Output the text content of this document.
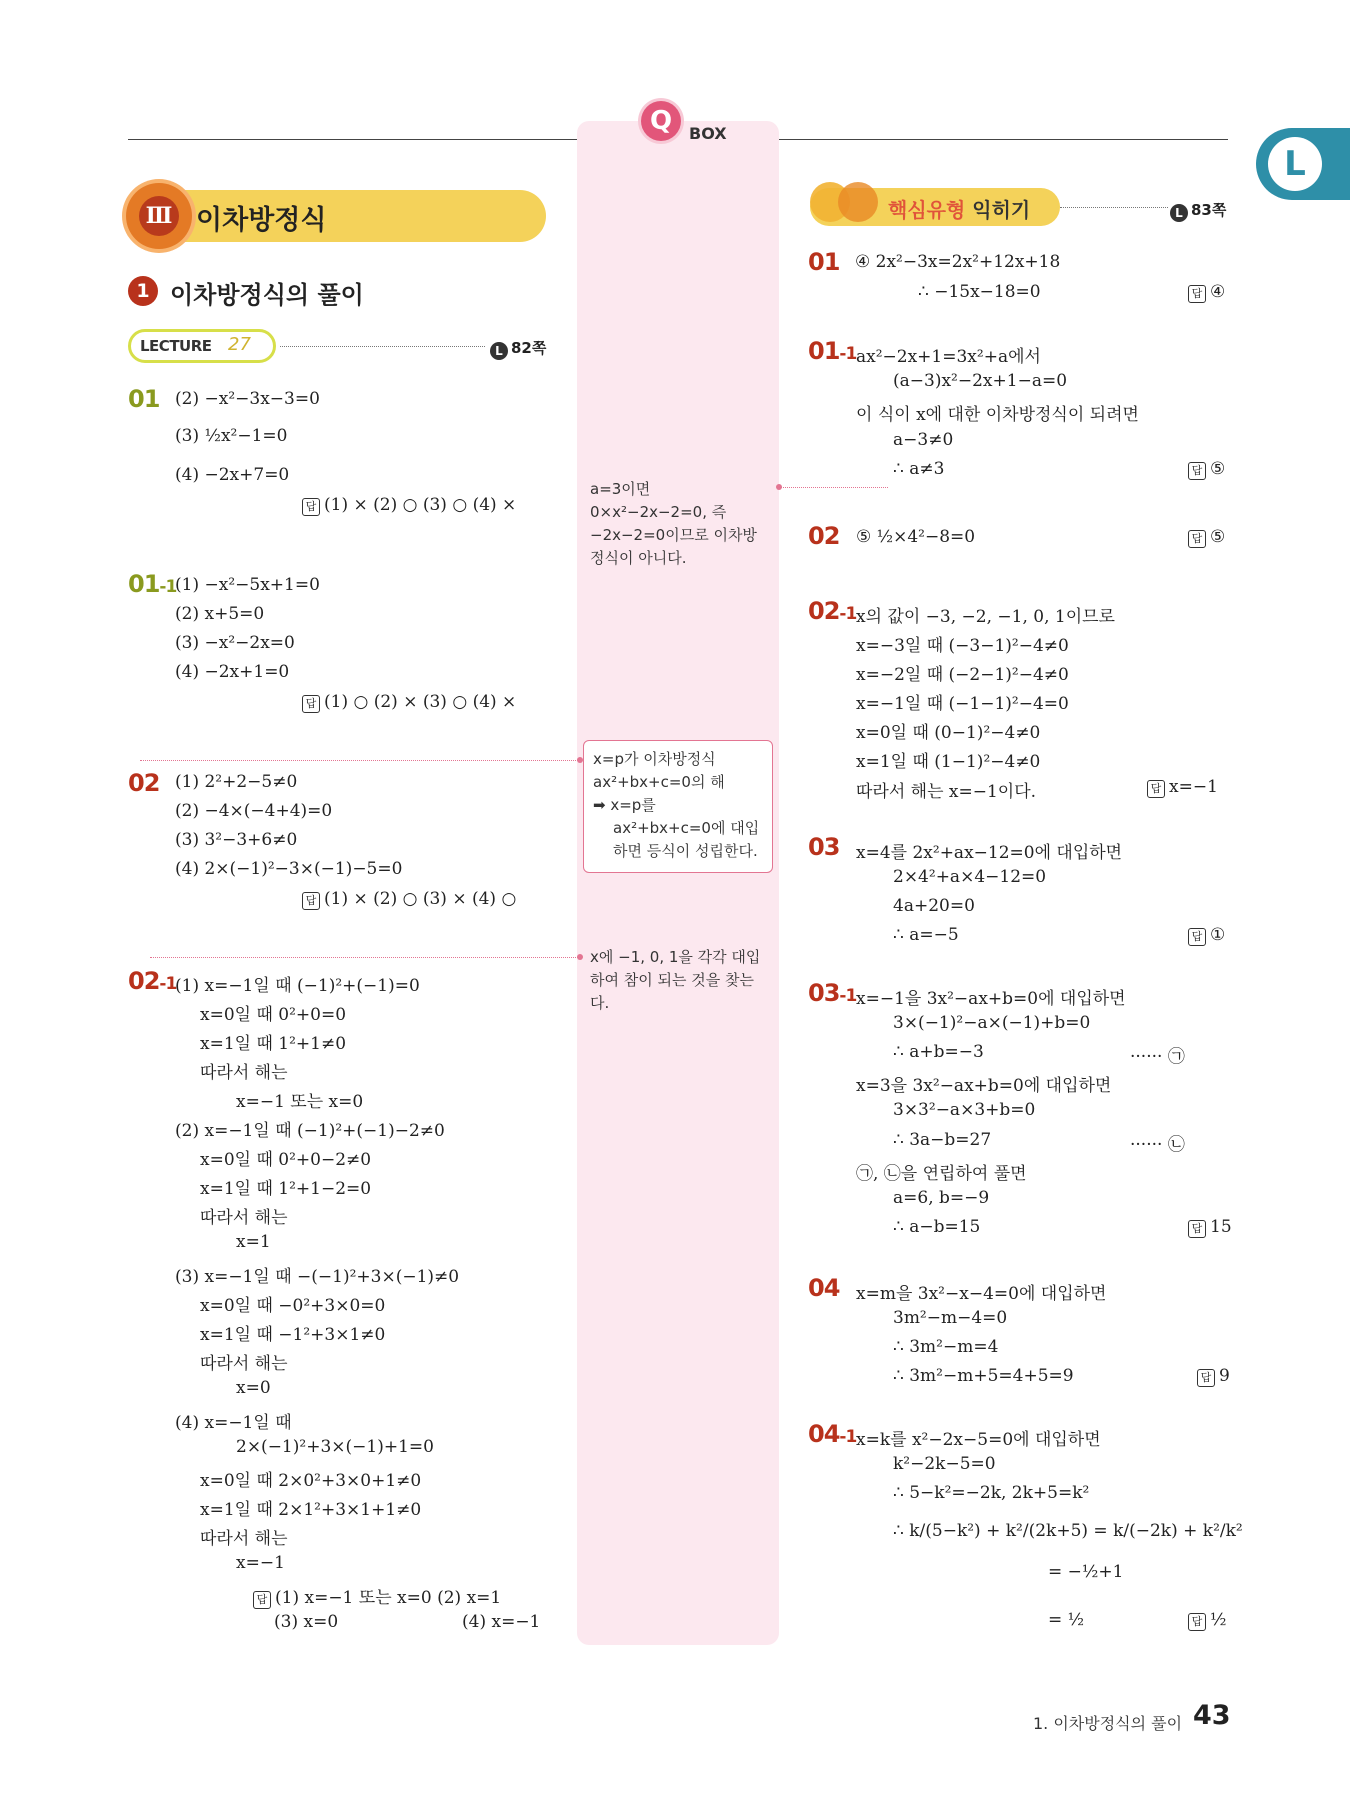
Q	BOX
L
Ⅲ 이차방정식
1 이차방정식의 풀이
LECTURE 27	L 82쪽
핵심유형 익히기	L 83쪽
01 (2) −x²−3x−3=0
(3) ½x²−1=0
(4) −2x+7=0
답 (1) × (2) ○ (3) ○ (4) ×
01-1
(1) −x²−5x+1=0
(2) x+5=0
(3) −x²−2x=0
(4) −2x+1=0
답 (1) ○ (2) × (3) ○ (4) ×
02 (1) 2²+2−5≠0
(2) −4×(−4+4)=0
(3) 3²−3+6≠0
(4) 2×(−1)²−3×(−1)−5=0
답 (1) × (2) ○ (3) × (4) ○
02-1
(1) x=−1일 때 (−1)²+(−1)=0
x=0일 때 0²+0=0
x=1일 때 1²+1≠0
따라서 해는
x=−1 또는 x=0
(2) x=−1일 때 (−1)²+(−1)−2≠0
x=0일 때 0²+0−2≠0
x=1일 때 1²+1−2=0
따라서 해는
x=1
(3) x=−1일 때 −(−1)²+3×(−1)≠0
x=0일 때 −0²+3×0=0
x=1일 때 −1²+3×1≠0
따라서 해는
x=0
(4) x=−1일 때
2×(−1)²+3×(−1)+1=0
x=0일 때 2×0²+3×0+1≠0
x=1일 때 2×1²+3×1+1≠0
따라서 해는
x=−1
답 (1) x=−1 또는 x=0 (2) x=1
(3) x=0	(4) x=−1
a=3이면
0×x²−2x−2=0, 즉
−2x−2=0이므로 이차방
정식이 아니다.
x=p가 이차방정식
ax²+bx+c=0의 해
➡ x=p를
ax²+bx+c=0에 대입
하면 등식이 성립한다.
x에 −1, 0, 1을 각각 대입
하여 참이 되는 것을 찾는
다.
01 ④ 2x²−3x=2x²+12x+18
∴ −15x−18=0	답 ④
01-1 ax²−2x+1=3x²+a에서
(a−3)x²−2x+1−a=0
이 식이 x에 대한 이차방정식이 되려면
a−3≠0
∴ a≠3	답 ⑤
02 ⑤ ½×4²−8=0	답 ⑤
02-1 x의 값이 −3, −2, −1, 0, 1이므로
x=−3일 때 (−3−1)²−4≠0
x=−2일 때 (−2−1)²−4≠0
x=−1일 때 (−1−1)²−4=0
x=0일 때 (0−1)²−4≠0
x=1일 때 (1−1)²−4≠0
따라서 해는 x=−1이다.	답 x=−1
03 x=4를 2x²+ax−12=0에 대입하면
2×4²+a×4−12=0
4a+20=0
∴ a=−5	답 ①
03-1 x=−1을 3x²−ax+b=0에 대입하면
3×(−1)²−a×(−1)+b=0
∴ a+b=−3	······ ㉠
x=3을 3x²−ax+b=0에 대입하면
3×3²−a×3+b=0
∴ 3a−b=27	······ ㉡
㉠, ㉡을 연립하여 풀면
a=6, b=−9
∴ a−b=15	답 15
04 x=m을 3x²−x−4=0에 대입하면
3m²−m−4=0
∴ 3m²−m=4
∴ 3m²−m+5=4+5=9	답 9
04-1 x=k를 x²−2x−5=0에 대입하면
k²−2k−5=0
∴ 5−k²=−2k, 2k+5=k²
∴ k/(5−k²) + k²/(2k+5) = k/(−2k) + k²/k²
= −½+1
= ½	답 ½
1. 이차방정식의 풀이 43
